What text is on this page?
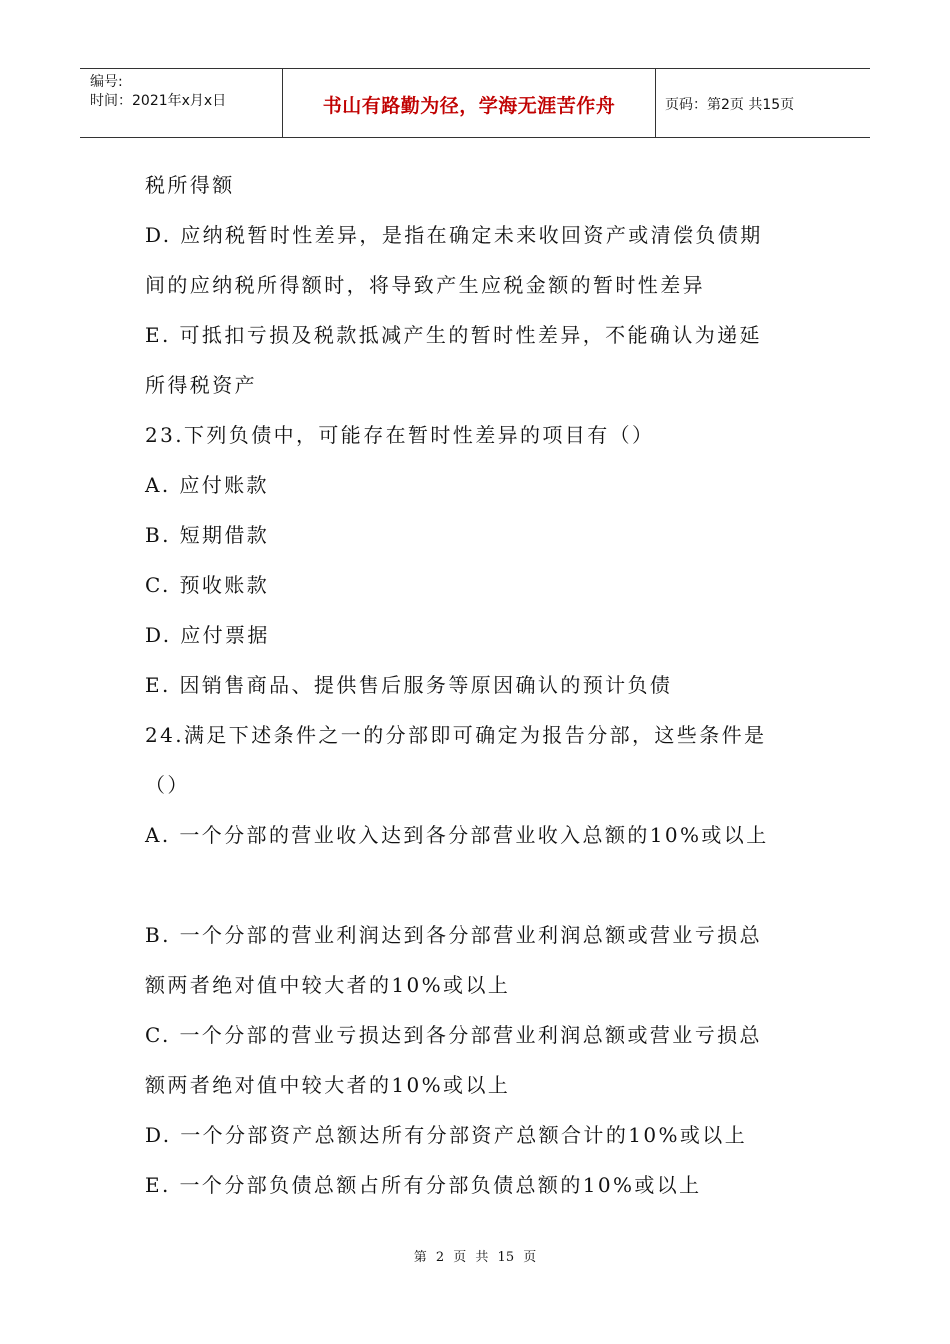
编号:
时间：2021年x月x日	书山有路勤为径，学海无涯苦作舟	页码：第2页 共15页
税所得额
D. 应纳税暂时性差异，是指在确定未来收回资产或清偿负债期
间的应纳税所得额时，将导致产生应税金额的暂时性差异
E. 可抵扣亏损及税款抵减产生的暂时性差异，不能确认为递延
所得税资产
23.下列负债中，可能存在暂时性差异的项目有（）
A. 应付账款
B. 短期借款
C. 预收账款
D. 应付票据
E. 因销售商品、提供售后服务等原因确认的预计负债
24.满足下述条件之一的分部即可确定为报告分部，这些条件是
（）
A. 一个分部的营业收入达到各分部营业收入总额的10%或以上
B. 一个分部的营业利润达到各分部营业利润总额或营业亏损总
额两者绝对值中较大者的10%或以上
C. 一个分部的营业亏损达到各分部营业利润总额或营业亏损总
额两者绝对值中较大者的10%或以上
D. 一个分部资产总额达所有分部资产总额合计的10%或以上
E. 一个分部负债总额占所有分部负债总额的10%或以上
第 2 页 共 15 页
